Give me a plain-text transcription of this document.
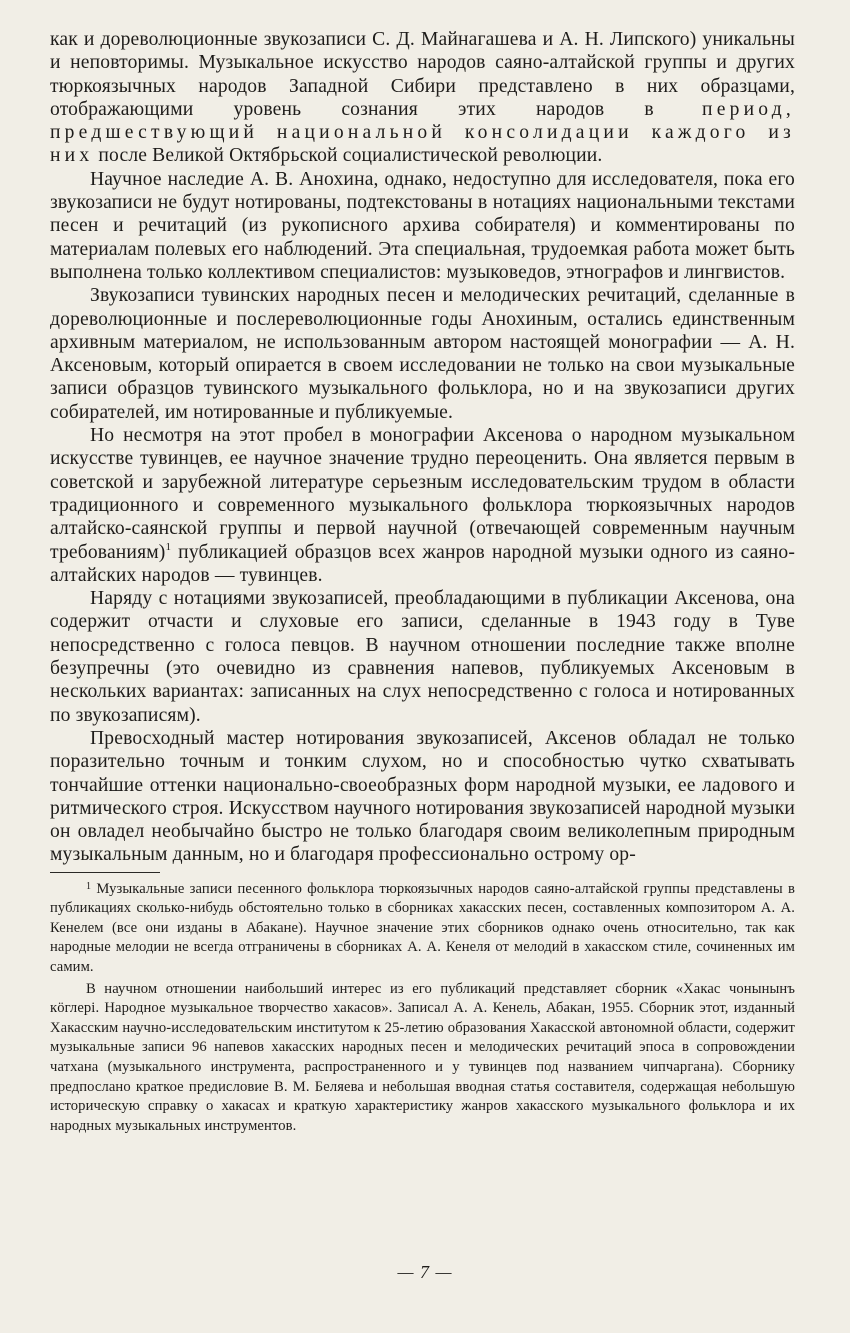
как и дореволюционные звукозаписи С. Д. Майнагашева и А. Н. Липского) уникальны и неповторимы. Музыкальное искусство народов саяно-алтайской группы и других тюркоязычных народов Западной Сибири представлено в них образцами, отображающими уровень сознания этих народов в период, предшествующий национальной консолидации каждого из них после Великой Октябрьской социалистической революции.

Научное наследие А. В. Анохина, однако, недоступно для исследователя, пока его звукозаписи не будут нотированы, подтекстованы в нотациях национальными текстами песен и речитаций (из рукописного архива собирателя) и комментированы по материалам полевых его наблюдений. Эта специальная, трудоемкая работа может быть выполнена только коллективом специалистов: музыковедов, этнографов и лингвистов.

Звукозаписи тувинских народных песен и мелодических речитаций, сделанные в дореволюционные и послереволюционные годы Анохиным, остались единственным архивным материалом, не использованным автором настоящей монографии — А. Н. Аксеновым, который опирается в своем исследовании не только на свои музыкальные записи образцов тувинского музыкального фольклора, но и на звукозаписи других собирателей, им нотированные и публикуемые.

Но несмотря на этот пробел в монографии Аксенова о народном музыкальном искусстве тувинцев, ее научное значение трудно переоценить. Она является первым в советской и зарубежной литературе серьезным исследовательским трудом в области традиционного и современного музыкального фольклора тюркоязычных народов алтайско-саянской группы и первой научной (отвечающей современным научным требованиям)$^1$ публикацией образцов всех жанров народной музыки одного из саяно-алтайских народов — тувинцев.

Наряду с нотациями звукозаписей, преобладающими в публикации Аксенова, она содержит отчасти и слуховые его записи, сделанные в 1943 году в Туве непосредственно с голоса певцов. В научном отношении последние также вполне безупречны (это очевидно из сравнения напевов, публикуемых Аксеновым в нескольких вариантах: записанных на слух непосредственно с голоса и нотированных по звукозаписям).

Превосходный мастер нотирования звукозаписей, Аксенов обладал не только поразительно точным и тонким слухом, но и способностью чутко схватывать тончайшие оттенки национально-своеобразных форм народной музыки, ее ладового и ритмического строя. Искусством научного нотирования звукозаписей народной музыки он овладел необычайно быстро не только благодаря своим великолепным природным музыкальным данным, но и благодаря профессионально острому ор-

$^1$ Музыкальные записи песенного фольклора тюркоязычных народов саяно-алтайской группы представлены в публикациях сколько-нибудь обстоятельно только в сборниках хакасских песен, составленных композитором А. А. Кенелем (все они изданы в Абакане). Научное значение этих сборников однако очень относительно, так как народные мелодии не всегда отграничены в сборниках А. А. Кенеля от мелодий в хакасском стиле, сочиненных им самим.

В научном отношении наибольший интерес из его публикаций представляет сборник «Хакас чонынынъ кӧглерi. Народное музыкальное творчество хакасов». Записал А. А. Кенель, Абакан, 1955. Сборник этот, изданный Хакасским научно-исследовательским институтом к 25-летию образования Хакасской автономной области, содержит музыкальные записи 96 напевов хакасских народных песен и мелодических речитаций эпоса в сопровождении чатхана (музыкального инструмента, распространенного и у тувинцев под названием чипчаргана). Сборнику предпослано краткое предисловие В. М. Беляева и небольшая вводная статья составителя, содержащая небольшую историческую справку о хакасах и краткую характеристику жанров хакасского музыкального фольклора и их народных музыкальных инструментов.

— 7 —
